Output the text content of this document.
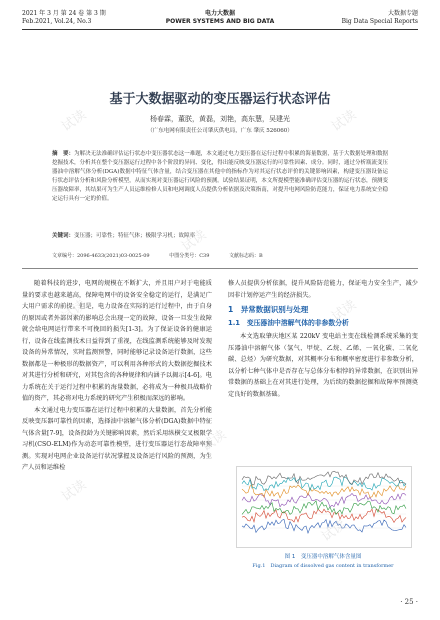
2021 年 3 月 第 24 卷 第 3 期
Feb.2021, Vol.24, No.3
电力大数据
POWER SYSTEMS AND BIG DATA
大数据专题
Big Data Special Reports
基于大数据驱动的变压器运行状态评估
杨春霖，董朕，黄磊，刘艳，高东慧，吴建光
（广东电网有限责任公司肇庆供电局，广东 肇庆 526060）
摘　要：为解决无法准确评估运行状态中变压器状态这一难题，本文通过电力变压器在运行过程中积累的海量数据，基于大数据处理和数据挖掘技术，分析其在整个变压器运行过程中各个阶段的异同、变化，得出能反映变压器运行的可靠性因素、成分。同时，通过分析瓶流变压器油中溶解气体分析(DGA)数据中特征气体含量，结合变压器在其他中的指标作为对其运行状态评价的关键影响因素，构建变压器设备运行状态评估分析和风险分析模型，从而实现对变压器运行风险的预测。试验结果证明，本文所提模型能准确评估变压器的运行状态，预测变压器故障率，其结果可为生产人员运维检修人员和电网调度人员提供分析依据及决策指南，对提升电网风险防范能力，保证电力系统安全稳定运行具有一定的价值。
关键词：变压器；可靠性；特征气体；极限学习机；故障率
文章编号：2096-4633(2021)03-0025-09	中图分类号：C39	文献标志码：B

随着科技的进步，电网的规模在不断扩大，并且用户对于电能质量的要求也越来越高，保障电网中的设备安全稳定的运行，是满足广大用户需求的前提。但是，电力设备在实际的运行过程中，由于自身的原因或者外部因素的影响总会出现一定的故障，设备一旦发生故障就会给电网运行带来不可挽回的损失[1-3]。为了保证设备的健康运行，设备在线监测技术日益得到了重视，在线监测系统能够及时发现设备的异常情况，实时监测预警，同时能够记录设备运行数据，这些数据都是一种极形的数据资产，可以利用各种形式的大数据挖掘技术对其进行分析和研究，对其包含的各种规律和内涵予以揭示[4-6]。电力系统在关于运行过程中积累的海量数据，必将成为一种极具战略价值的资产，其必将对电力系统的研究产生积极而深远的影响。

本文通过电力变压器在运行过程中积累的大量数据，首先分析能反映变压器可靠性的因素，选择油中溶解气体分析(DGA)数据中特征气体含量[7-9]，设备投龄为关键影响因素，然后采用纵横交叉极限学习机(CSO-ELM)作为动态可靠性模型，进行变压器运行态故障率预测。实现对电网企业设备运行状况掌握及设备运行风险的预测，为生产人员和运维检

修人员提供分析依据，提升风险防范能力，保证电力安全生产，减少因非计划停运产生的经济损失。

1　异常数据识别与处理
1.1　变压器油中溶解气体的非参数分析

本文选取肇庆地区某 220kV 变电站主变在线检测系统采集的变压器油中溶解气体（氢气、甲烷、乙烷、乙烯、一氧化碳、二氧化碳、总烃）为研究数据，对其概率分布和概率密度进行非参数分析，以分析七种气体中是否存在与总体分布相悖的异常数据，在识别出异常数据的基础上在对其进行处理，为后续的数据挖掘和故障率预测奠定良好的数据基础。

图 1　变压器中溶解气体含量图
Fig.1　Diagram of dissolved gas content in transformer
· 25 ·
试读	试读
试读
试读
试读
试读
试读
试读
